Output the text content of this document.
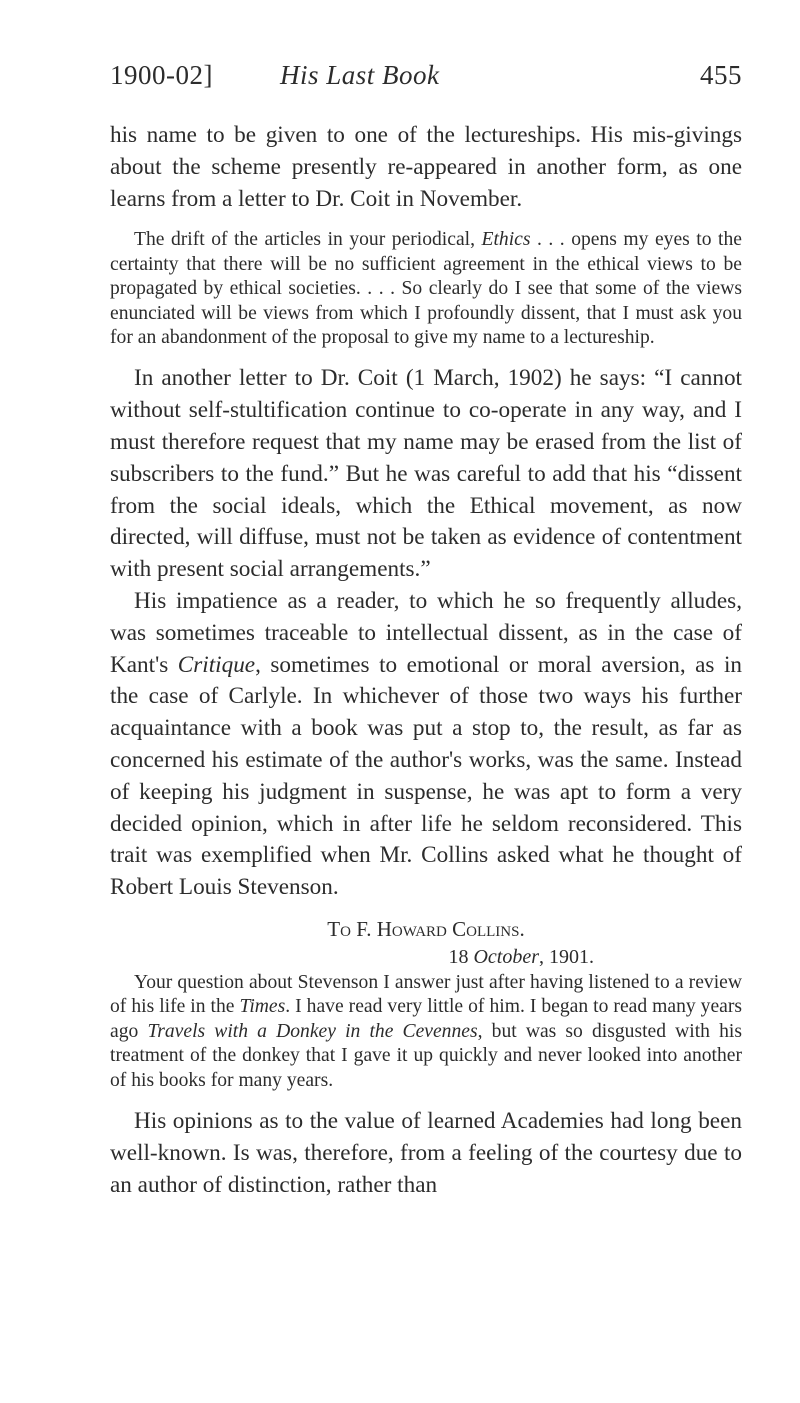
1900-02] His Last Book	455

his name to be given to one of the lectureships. His mis-givings about the scheme presently re-appeared in another form, as one learns from a letter to Dr. Coit in November.

The drift of the articles in your periodical, Ethics . . . opens my eyes to the certainty that there will be no sufficient agreement in the ethical views to be propagated by ethical societies. . . . So clearly do I see that some of the views enunciated will be views from which I profoundly dissent, that I must ask you for an abandonment of the proposal to give my name to a lectureship.

In another letter to Dr. Coit (1 March, 1902) he says: “I cannot without self-stultification continue to co-operate in any way, and I must therefore request that my name may be erased from the list of subscribers to the fund.” But he was careful to add that his “dissent from the social ideals, which the Ethical movement, as now directed, will diffuse, must not be taken as evidence of contentment with present social arrangements.”

His impatience as a reader, to which he so frequently alludes, was sometimes traceable to intellectual dissent, as in the case of Kant's Critique, sometimes to emotional or moral aversion, as in the case of Carlyle. In whichever of those two ways his further acquaintance with a book was put a stop to, the result, as far as concerned his estimate of the author's works, was the same. Instead of keeping his judgment in suspense, he was apt to form a very decided opinion, which in after life he seldom reconsidered. This trait was exemplified when Mr. Collins asked what he thought of Robert Louis Stevenson.

To F. Howard Collins.

18 October, 1901.

Your question about Stevenson I answer just after having listened to a review of his life in the Times. I have read very little of him. I began to read many years ago Travels with a Donkey in the Cevennes, but was so disgusted with his treatment of the donkey that I gave it up quickly and never looked into another of his books for many years.

His opinions as to the value of learned Academies had long been well-known. Is was, therefore, from a feeling of the courtesy due to an author of distinction, rather than
